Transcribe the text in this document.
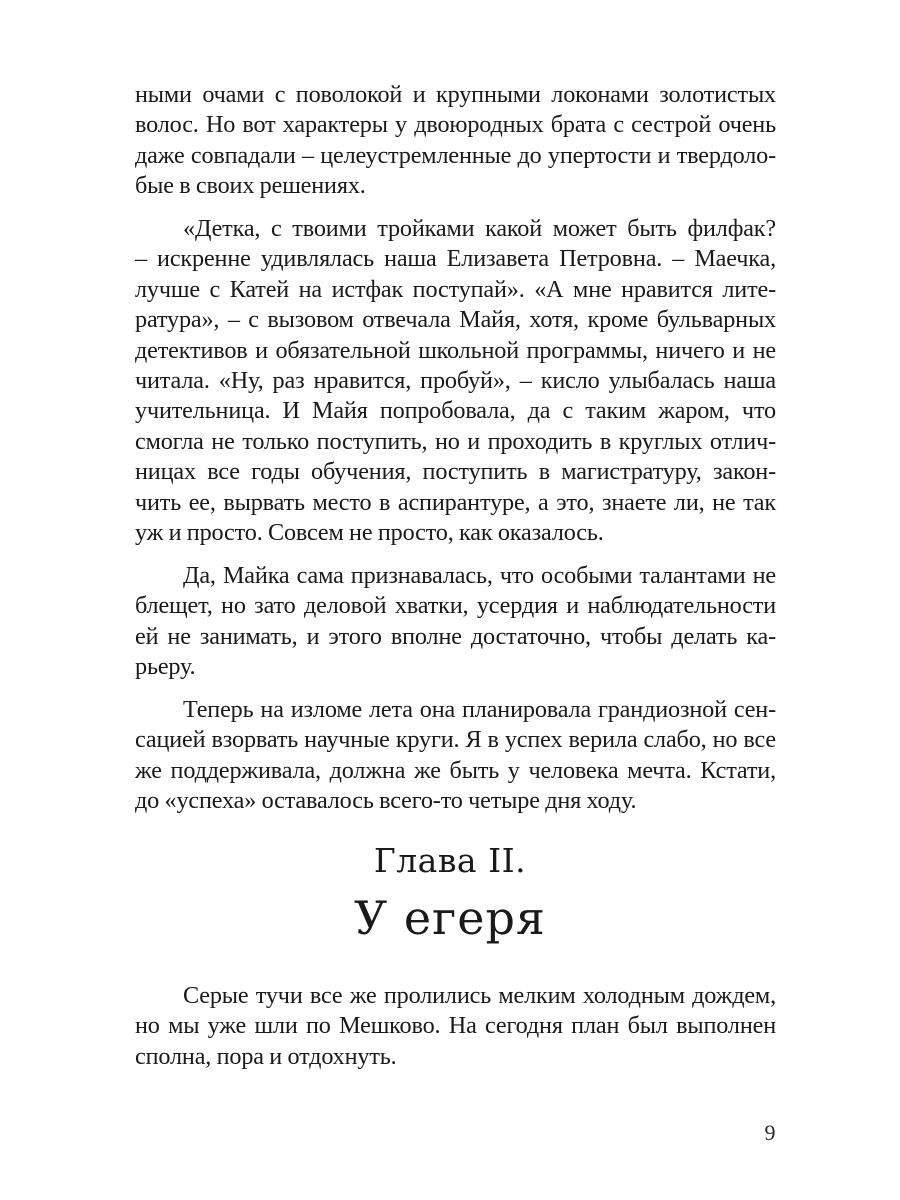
ными очами с поволокой и крупными локонами золотистых
волос. Но вот характеры у двоюродных брата с сестрой очень
даже совпадали – целеустремленные до упертости и твердоло-
бые в своих решениях.

«Детка, с твоими тройками какой может быть филфак?
– искренне удивлялась наша Елизавета Петровна. – Маечка,
лучше с Катей на истфак поступай». «А мне нравится лите-
ратура», – с вызовом отвечала Майя, хотя, кроме бульварных
детективов и обязательной школьной программы, ничего и не
читала. «Ну, раз нравится, пробуй», – кисло улыбалась наша
учительница. И Майя попробовала, да с таким жаром, что
смогла не только поступить, но и проходить в круглых отлич-
ницах все годы обучения, поступить в магистратуру, закон-
чить ее, вырвать место в аспирантуре, а это, знаете ли, не так
уж и просто. Совсем не просто, как оказалось.

Да, Майка сама признавалась, что особыми талантами не
блещет, но зато деловой хватки, усердия и наблюдательности
ей не занимать, и этого вполне достаточно, чтобы делать ка-
рьеру.

Теперь на изломе лета она планировала грандиозной сен-
сацией взорвать научные круги. Я в успех верила слабо, но все
же поддерживала, должна же быть у человека мечта. Кстати,
до «успеха» оставалось всего-то четыре дня ходу.

Глава II.
У егеря

Серые тучи все же пролились мелким холодным дождем,
но мы уже шли по Мешково. На сегодня план был выполнен
сполна, пора и отдохнуть.

9
